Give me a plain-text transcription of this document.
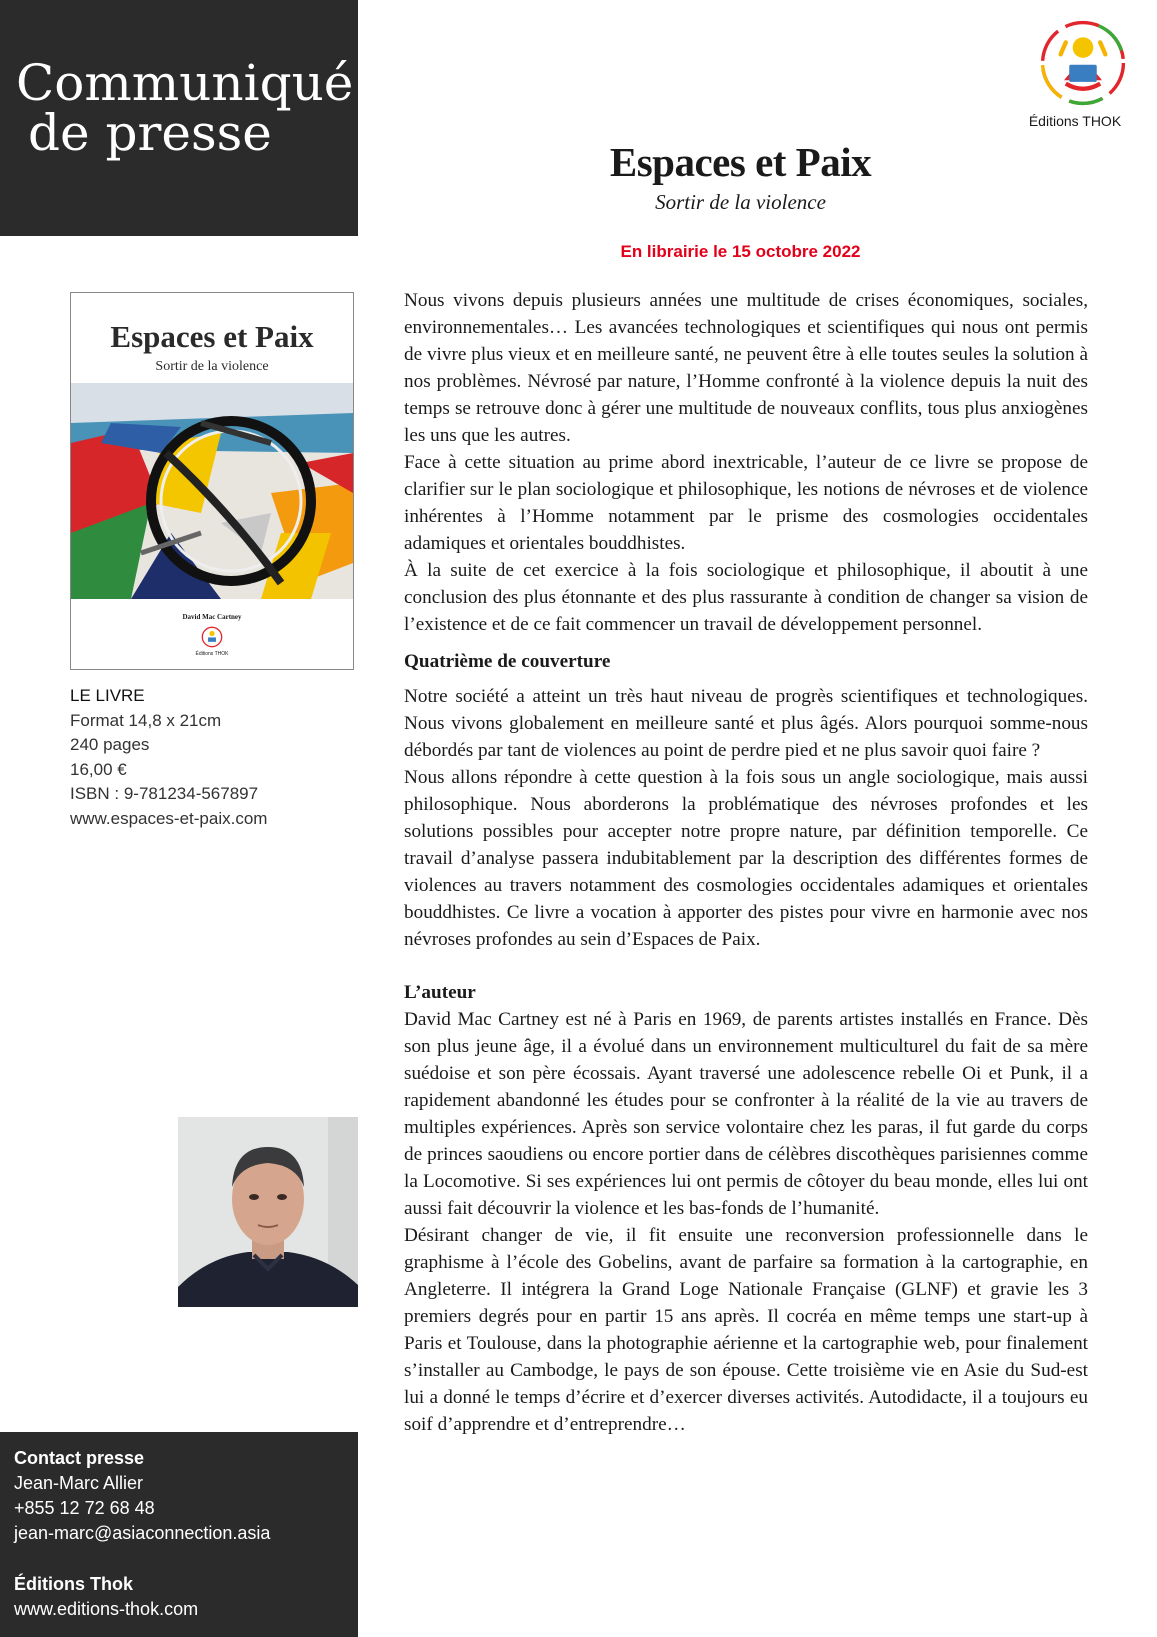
Communiqué
de presse	Éditions THOK
Espaces et Paix
Sortir de la violence
En librairie le 15 octobre 2022
Espaces et Paix
Sortir de la violence
David Mac Cartney
Éditions THOK
LE LIVRE
Format 14,8 x 21cm
240 pages
16,00 €
ISBN : 9-781234-567897
www.espaces-et-paix.com
Contact presse
Jean-Marc Allier
+855 12 72 68 48
jean-marc@asiaconnection.asia
Éditions Thok
www.editions-thok.com

Nous vivons depuis plusieurs années une multitude de crises économiques, sociales, environnementales… Les avancées technologiques et scientifiques qui nous ont permis de vivre plus vieux et en meilleure santé, ne peuvent être à elle toutes seules la solution à nos problèmes. Névrosé par nature, l’Homme confronté à la violence depuis la nuit des temps se retrouve donc à gérer une multitude de nouveaux conflits, tous plus anxiogènes les uns que les autres.

Face à cette situation au prime abord inextricable, l’auteur de ce livre se propose de clarifier sur le plan sociologique et philosophique, les notions de névroses et de violence inhérentes à l’Homme notamment par le prisme des cosmologies occidentales adamiques et orientales bouddhistes.

À la suite de cet exercice à la fois sociologique et philosophique, il aboutit à une conclusion des plus étonnante et des plus rassurante à condition de changer sa vision de l’existence et de ce fait commencer un travail de développement personnel.

Quatrième de couverture

Notre société a atteint un très haut niveau de progrès scientifiques et technologiques. Nous vivons globalement en meilleure santé et plus âgés. Alors pourquoi somme-nous débordés par tant de violences au point de perdre pied et ne plus savoir quoi faire ?

Nous allons répondre à cette question à la fois sous un angle sociologique, mais aussi philosophique. Nous aborderons la problématique des névroses profondes et les solutions possibles pour accepter notre propre nature, par définition temporelle. Ce travail d’analyse passera indubitablement par la description des différentes formes de violences au travers notamment des cosmologies occidentales adamiques et orientales bouddhistes. Ce livre a vocation à apporter des pistes pour vivre en harmonie avec nos névroses profondes au sein d’Espaces de Paix.

L’auteur

David Mac Cartney est né à Paris en 1969, de parents artistes installés en France. Dès son plus jeune âge, il a évolué dans un environnement multiculturel du fait de sa mère suédoise et son père écossais. Ayant traversé une adolescence rebelle Oi et Punk, il a rapidement abandonné les études pour se confronter à la réalité de la vie au travers de multiples expériences. Après son service volontaire chez les paras, il fut garde du corps de princes saoudiens ou encore portier dans de célèbres discothèques parisiennes comme la Locomotive. Si ses expériences lui ont permis de côtoyer du beau monde, elles lui ont aussi fait découvrir la violence et les bas-fonds de l’humanité.

Désirant changer de vie, il fit ensuite une reconversion professionnelle dans le graphisme à l’école des Gobelins, avant de parfaire sa formation à la cartographie, en Angleterre. Il intégrera la Grand Loge Nationale Française (GLNF) et gravie les 3 premiers degrés pour en partir 15 ans après. Il cocréa en même temps une start-up à Paris et Toulouse, dans la photographie aérienne et la cartographie web, pour finalement s’installer au Cambodge, le pays de son épouse. Cette troisième vie en Asie du Sud-est lui a donné le temps d’écrire et d’exercer diverses activités. Autodidacte, il a toujours eu soif d’apprendre et d’entreprendre…
